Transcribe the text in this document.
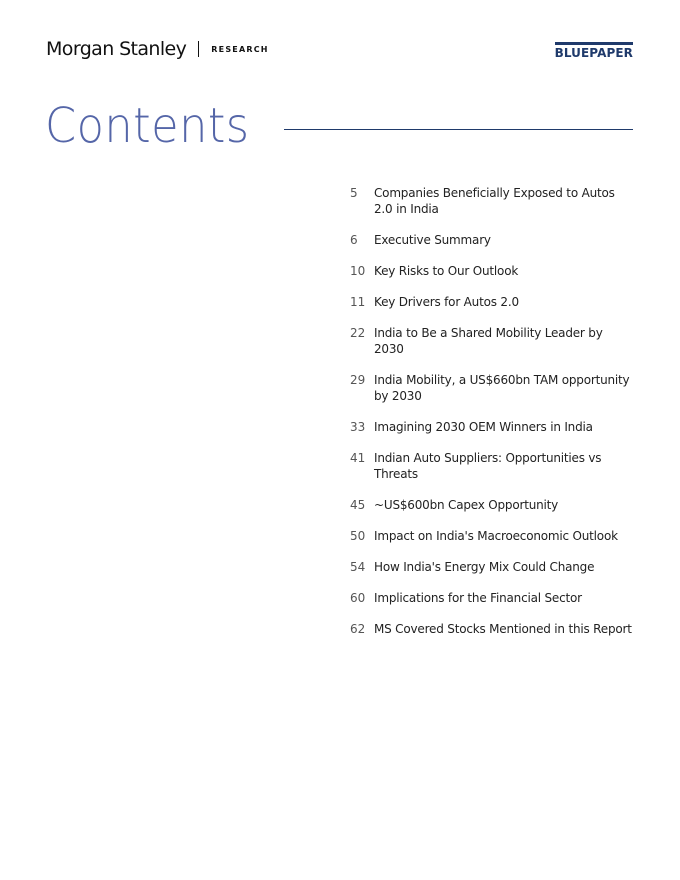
Morgan Stanley	RESEARCH	BLUEPAPER
Contents
5	Companies Beneficially Exposed to Autos 2.0 in India
6	Executive Summary
10 Key Risks to Our Outlook
11 Key Drivers for Autos 2.0
22 India to Be a Shared Mobility Leader by 2030
29 India Mobility, a US$660bn TAM opportunity by 2030
33 Imagining 2030 OEM Winners in India
41 Indian Auto Suppliers: Opportunities vs Threats
45 ~US$600bn Capex Opportunity
50 Impact on India's Macroeconomic Outlook
54 How India's Energy Mix Could Change
60 Implications for the Financial Sector
62 MS Covered Stocks Mentioned in this Report
